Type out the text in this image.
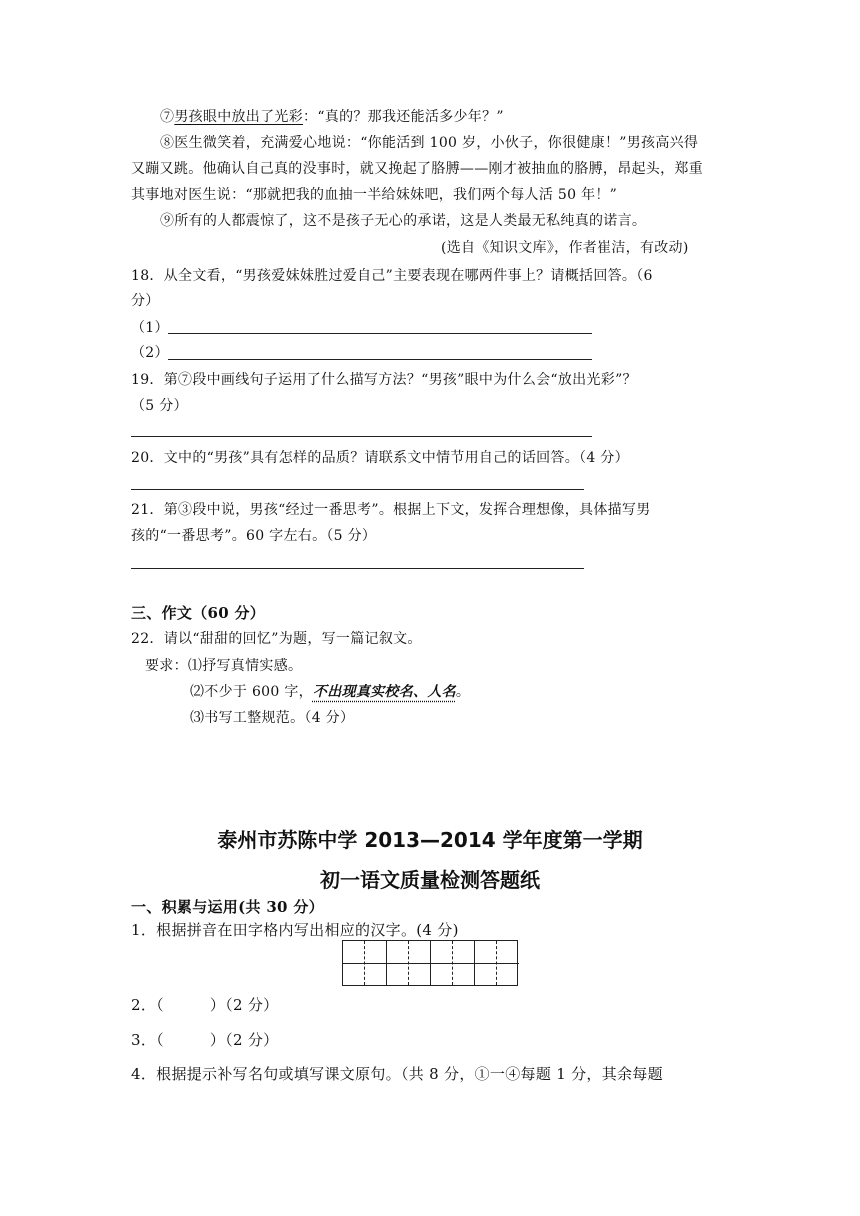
⑦男孩眼中放出了光彩：“真的？那我还能活多少年？”
⑧医生微笑着，充满爱心地说：“你能活到 100 岁，小伙子，你很健康！”男孩高兴得
又蹦又跳。他确认自己真的没事时，就又挽起了胳膊——刚才被抽血的胳膊，昂起头，郑重
其事地对医生说：“那就把我的血抽一半给妹妹吧，我们两个每人活 50 年！”
⑨所有的人都震惊了，这不是孩子无心的承诺，这是人类最无私纯真的诺言。
(选自《知识文库》，作者崔洁，有改动)
18．从全文看，“男孩爱妹妹胜过爱自己”主要表现在哪两件事上？请概括回答。（6
分）
（1）
（2）
19．第⑦段中画线句子运用了什么描写方法？“男孩”眼中为什么会“放出光彩”？
（5 分）
20．文中的“男孩”具有怎样的品质？请联系文中情节用自己的话回答。（4 分）
21．第③段中说，男孩“经过一番思考”。根据上下文，发挥合理想像，具体描写男
孩的“一番思考”。60 字左右。（5 分）
三、作文（60 分）
22．请以“甜甜的回忆”为题，写一篇记叙文。
要求：⑴抒写真情实感。
⑵不少于 600 字，不出现真实校名、人名。
⑶书写工整规范。（4 分）
泰州市苏陈中学 2013—2014 学年度第一学期
初一语文质量检测答题纸
一、积累与运用(共 30 分）
1．根据拼音在田字格内写出相应的汉字。(4 分)
2．（　　　）（2 分）
3．（　　　）（2 分）
4．根据提示补写名句或填写课文原句。（共 8 分，①一④每题 1 分，其余每题
